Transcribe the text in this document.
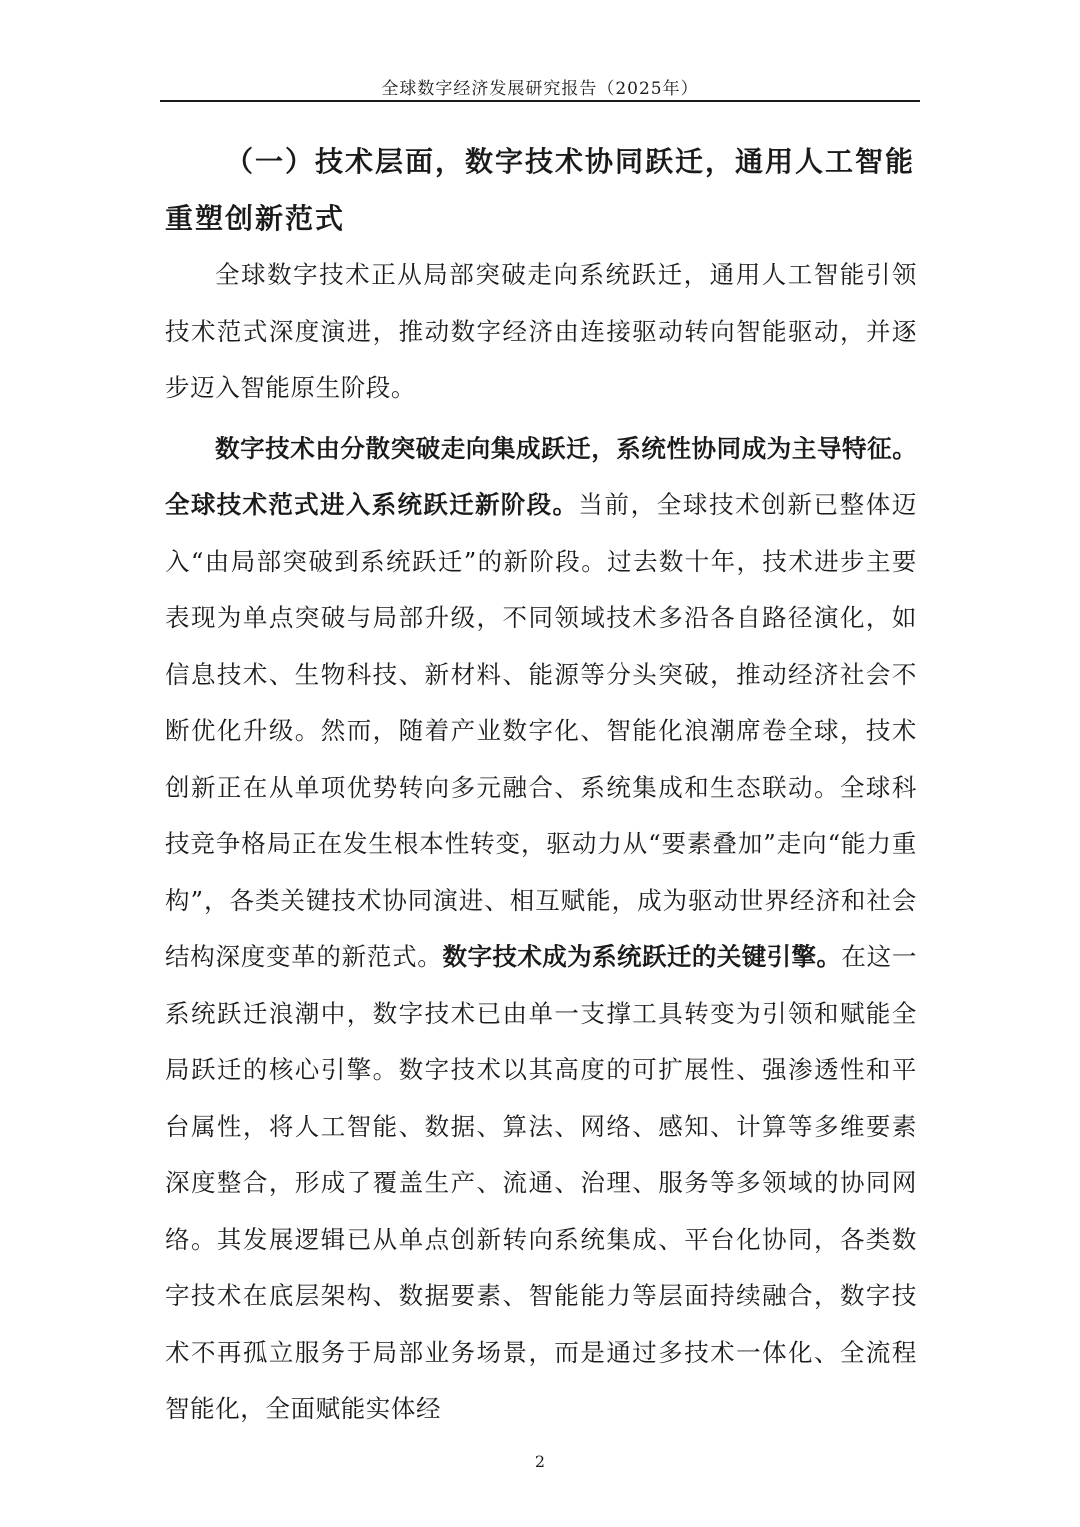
全球数字经济发展研究报告（2025年）
（一）技术层面，数字技术协同跃迁，通用人工智能重塑创新范式

全球数字技术正从局部突破走向系统跃迁，通用人工智能引领技术范式深度演进，推动数字经济由连接驱动转向智能驱动，并逐步迈入智能原生阶段。

数字技术由分散突破走向集成跃迁，系统性协同成为主导特征。全球技术范式进入系统跃迁新阶段。当前，全球技术创新已整体迈入“由局部突破到系统跃迁”的新阶段。过去数十年，技术进步主要表现为单点突破与局部升级，不同领域技术多沿各自路径演化，如信息技术、生物科技、新材料、能源等分头突破，推动经济社会不断优化升级。然而，随着产业数字化、智能化浪潮席卷全球，技术创新正在从单项优势转向多元融合、系统集成和生态联动。全球科技竞争格局正在发生根本性转变，驱动力从“要素叠加”走向“能力重构”，各类关键技术协同演进、相互赋能，成为驱动世界经济和社会结构深度变革的新范式。数字技术成为系统跃迁的关键引擎。在这一系统跃迁浪潮中，数字技术已由单一支撑工具转变为引领和赋能全局跃迁的核心引擎。数字技术以其高度的可扩展性、强渗透性和平台属性，将人工智能、数据、算法、网络、感知、计算等多维要素深度整合，形成了覆盖生产、流通、治理、服务等多领域的协同网络。其发展逻辑已从单点创新转向系统集成、平台化协同，各类数字技术在底层架构、数据要素、智能能力等层面持续融合，数字技术不再孤立服务于局部业务场景，而是通过多技术一体化、全流程智能化，全面赋能实体经

2
